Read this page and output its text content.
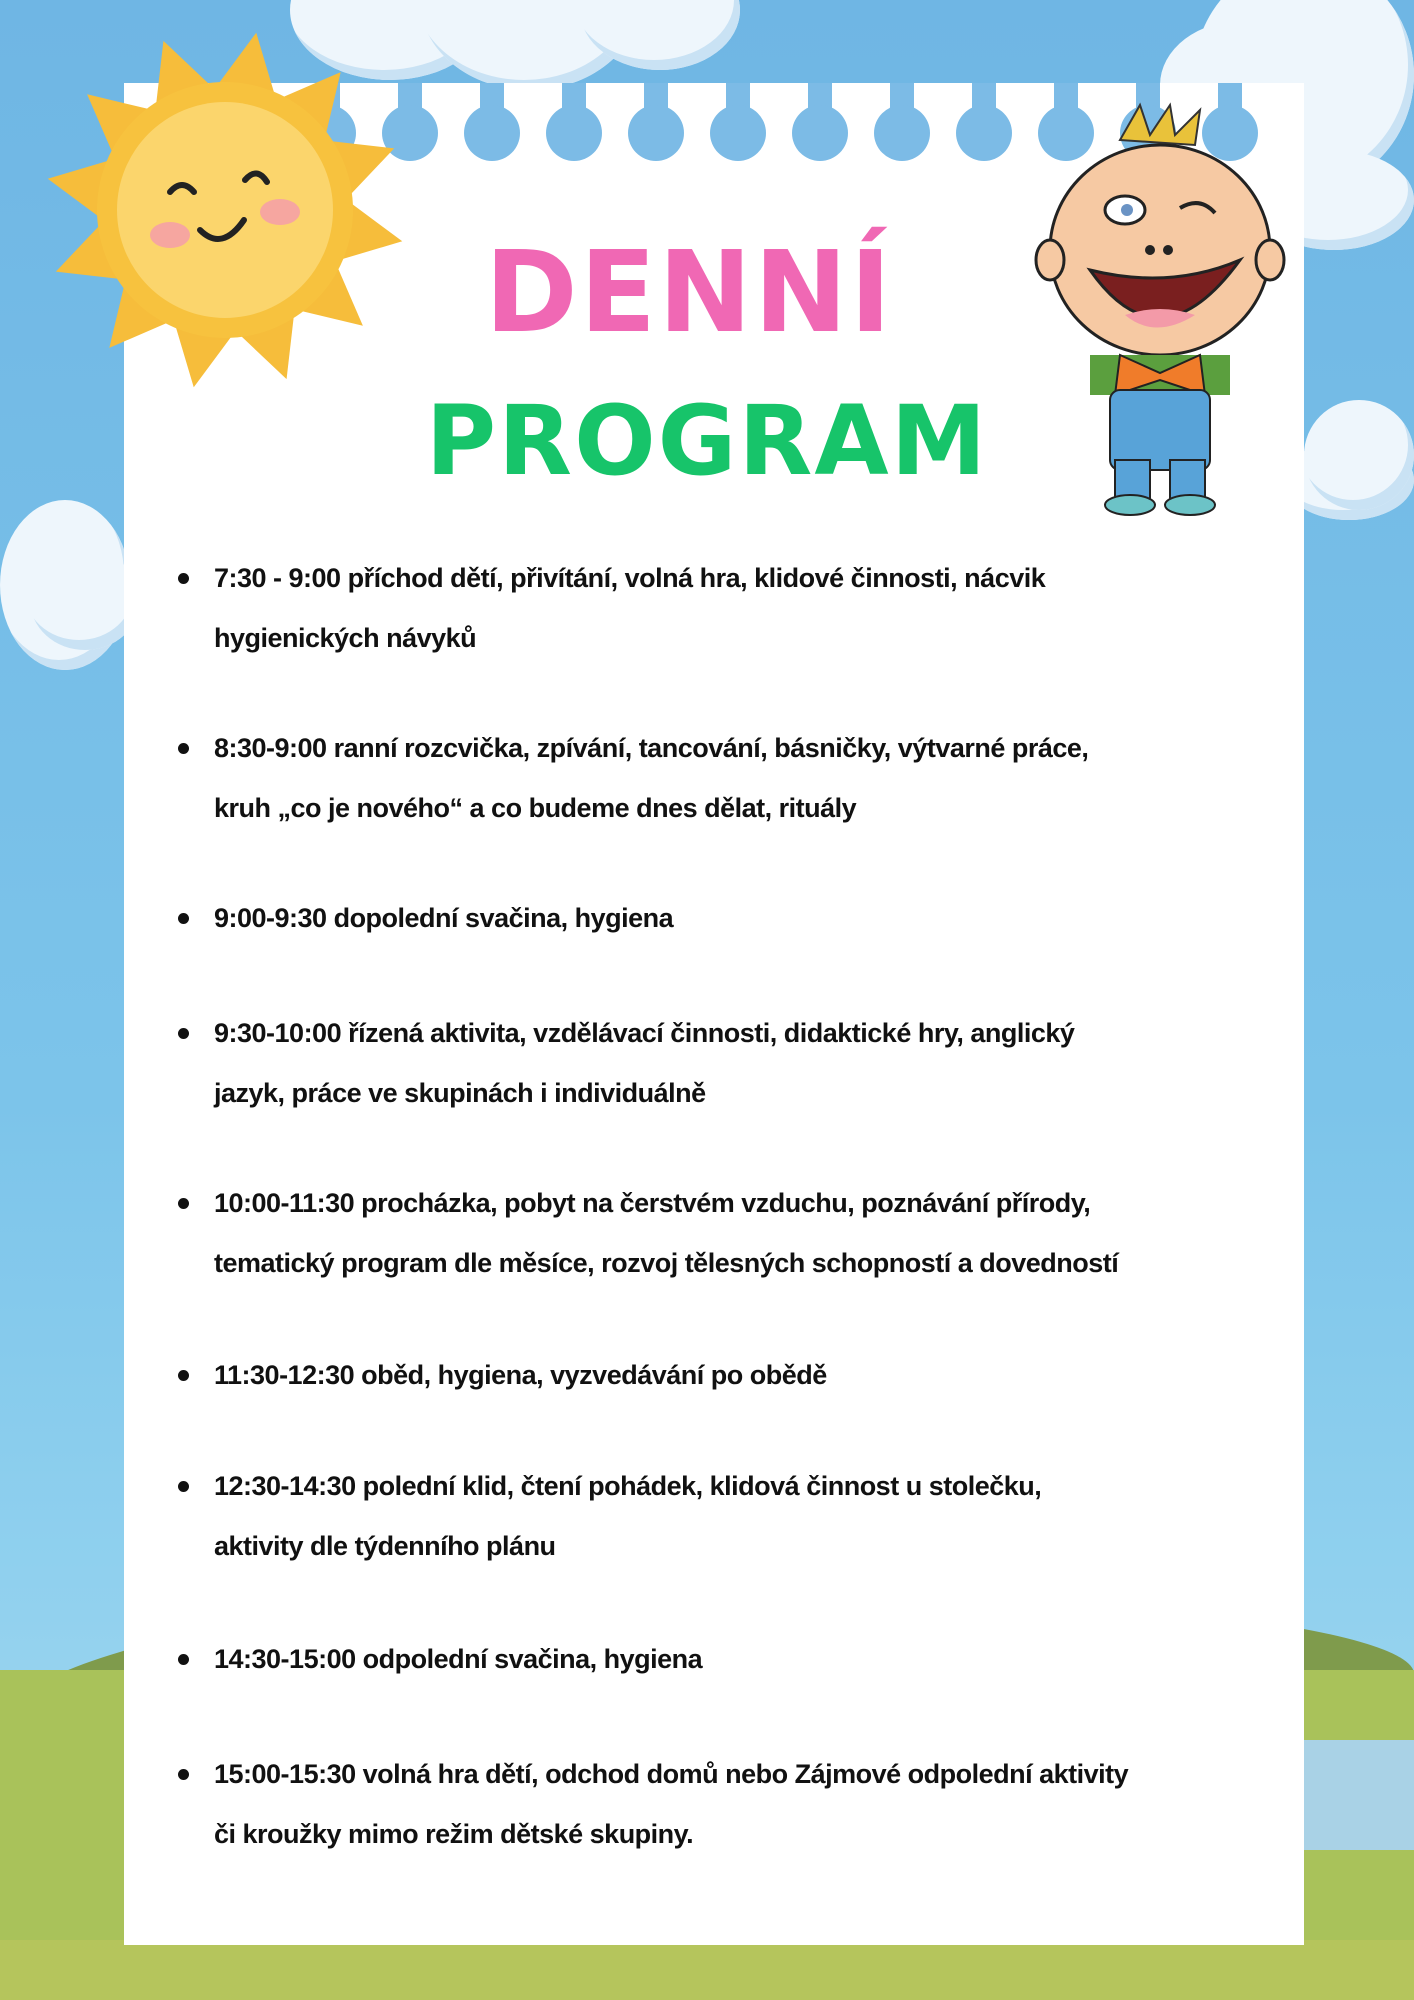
DENNÍ
PROGRAM
7:30 - 9:00 příchod dětí, přivítání, volná hra, klidové činnosti, nácvik
hygienických návyků
8:30-9:00 ranní rozcvička, zpívání, tancování, básničky, výtvarné práce,
kruh „co je nového“ a co budeme dnes dělat, rituály
9:00-9:30 dopolední svačina, hygiena
9:30-10:00 řízená aktivita, vzdělávací činnosti, didaktické hry, anglický
jazyk, práce ve skupinách i individuálně
10:00-11:30 procházka, pobyt na čerstvém vzduchu, poznávání přírody,
tematický program dle měsíce, rozvoj tělesných schopností a dovedností
11:30-12:30 oběd, hygiena, vyzvedávání po obědě
12:30-14:30 polední klid, čtení pohádek, klidová činnost u stolečku,
aktivity dle týdenního plánu
14:30-15:00 odpolední svačina, hygiena
15:00-15:30 volná hra dětí, odchod domů nebo Zájmové odpolední aktivity
či kroužky mimo režim dětské skupiny.
